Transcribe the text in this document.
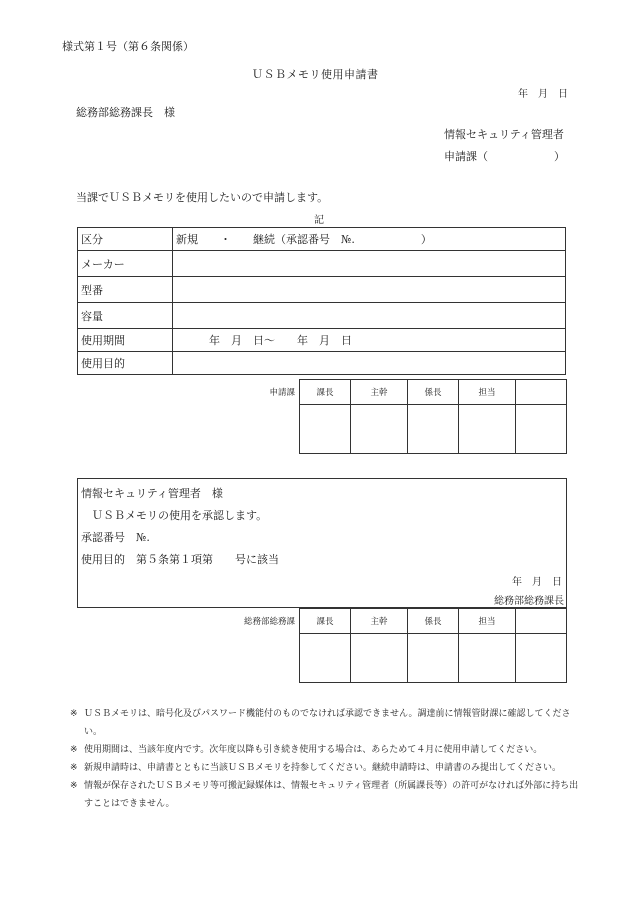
様式第１号（第６条関係）
ＵＳＢメモリ使用申請書
年　月　日
総務部総務課長　様
情報セキュリティ管理者
申請課（　　　　　　）
当課でＵＳＢメモリを使用したいので申請します。
記
区分	新規　　・　　継続（承認番号　№.　　　　　　）
メーカー	
型番	
容量	
使用期間	　　　年　月　日～　　年　月　日
使用目的	
申請課	課長	主幹	係長	担当	

情報セキュリティ管理者　様
ＵＳＢメモリの使用を承認します。
承認番号　№.
使用目的　第５条第１項第　　号に該当
年　月　日
総務部総務課長
総務部総務課	課長	主幹	係長	担当	

※ ＵＳＢメモリは、暗号化及びパスワード機能付のものでなければ承認できません。調達前に情報管財課に確認してください。
※ 使用期間は、当該年度内です。次年度以降も引き続き使用する場合は、あらためて４月に使用申請してください。
※ 新規申請時は、申請書とともに当該ＵＳＢメモリを持参してください。継続申請時は、申請書のみ提出してください。
※ 情報が保存されたＵＳＢメモリ等可搬記録媒体は、情報セキュリティ管理者（所属課長等）の許可がなければ外部に持ち出すことはできません。
